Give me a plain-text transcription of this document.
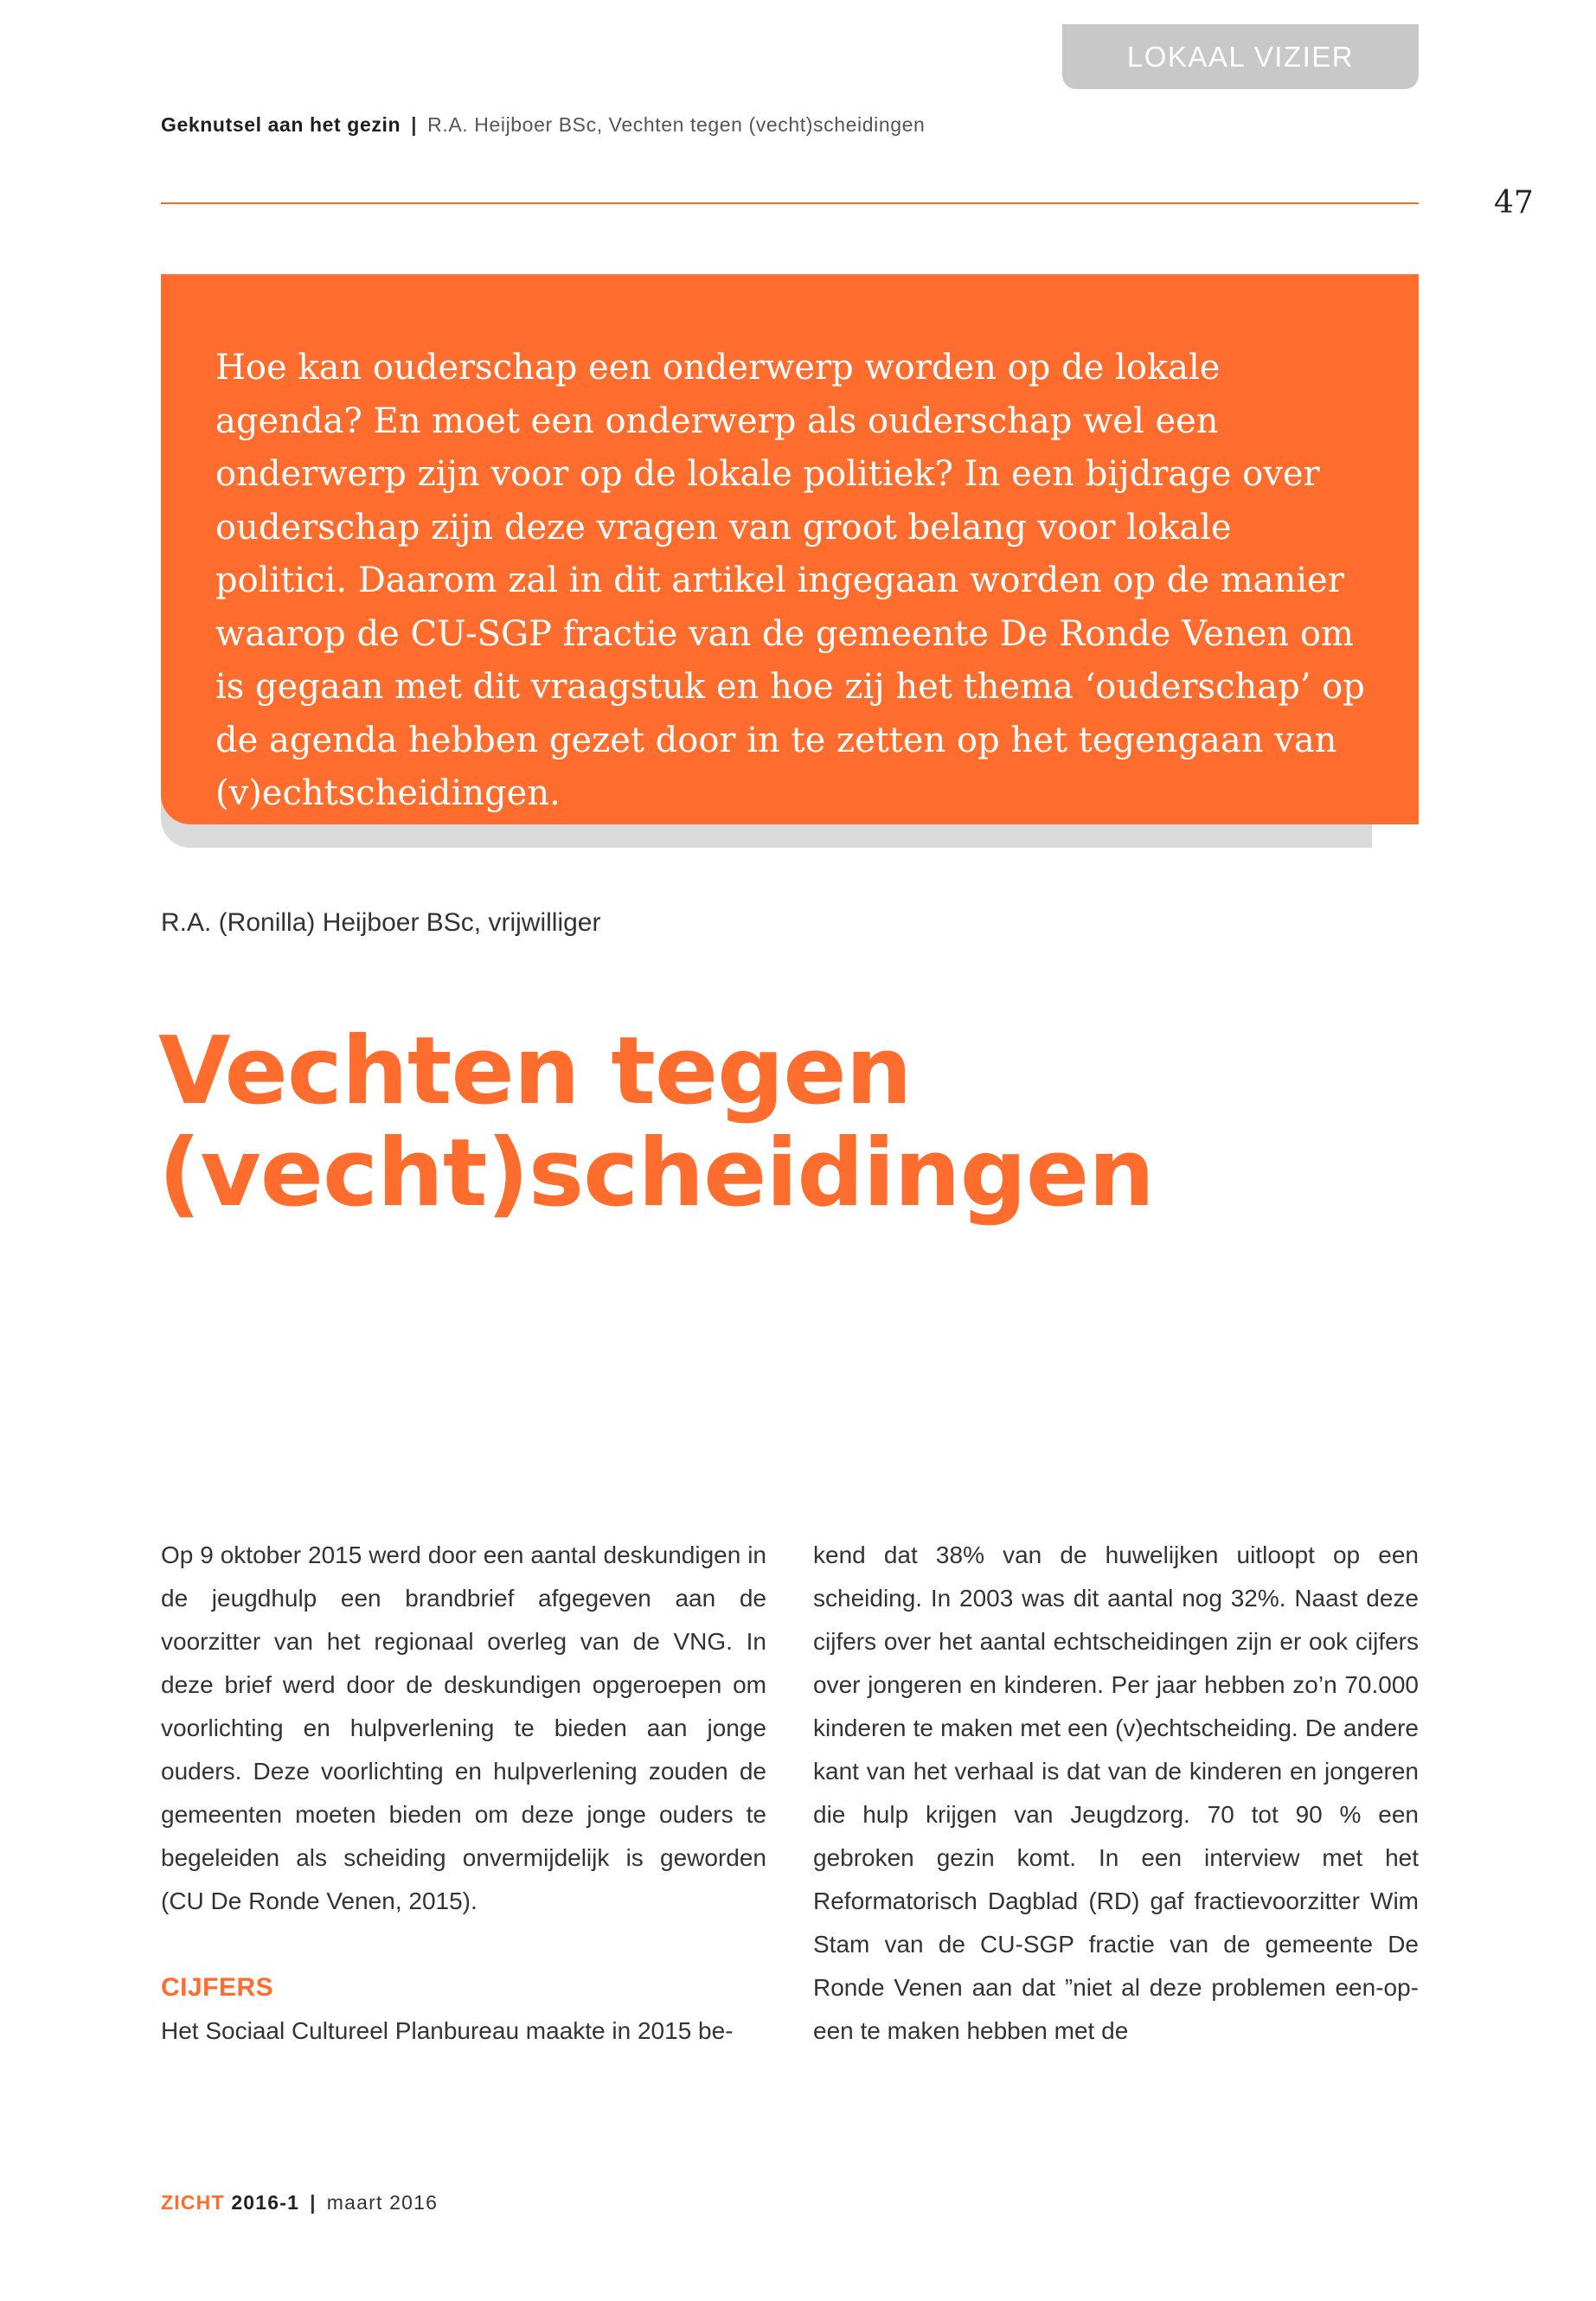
LOKAAL VIZIER
Geknutsel aan het gezin | R.A. Heijboer BSc, Vechten tegen (vecht)scheidingen
47
Hoe kan ouderschap een onderwerp worden op de lokale agenda? En moet een onderwerp als ouderschap wel een onderwerp zijn voor op de lokale politiek? In een bijdrage over ouderschap zijn deze vragen van groot belang voor lokale politici. Daarom zal in dit artikel ingegaan worden op de manier waarop de CU-SGP fractie van de gemeente De Ronde Venen om is gegaan met dit vraagstuk en hoe zij het thema ‘ouderschap’ op de agenda hebben gezet door in te zetten op het tegengaan van (v)echtscheidingen.
R.A. (Ronilla) Heijboer BSc, vrijwilliger
Vechten tegen
(vecht)scheidingen

Op 9 oktober 2015 werd door een aantal deskundigen in de jeugdhulp een brandbrief afgegeven aan de voorzitter van het regionaal overleg van de VNG. In deze brief werd door de deskundigen opgeroepen om voorlichting en hulpverlening te bieden aan jonge ouders. Deze voorlichting en hulpverlening zouden de gemeenten moeten bieden om deze jonge ouders te begeleiden als scheiding onvermijdelijk is geworden (CU De Ronde Venen, 2015).

CIJFERS

Het Sociaal Cultureel Planbureau maakte in 2015 be-

kend dat 38% van de huwelijken uitloopt op een scheiding. In 2003 was dit aantal nog 32%. Naast deze cijfers over het aantal echtscheidingen zijn er ook cijfers over jongeren en kinderen. Per jaar hebben zo’n 70.000 kinderen te maken met een (v)echtscheiding. De andere kant van het verhaal is dat van de kinderen en jongeren die hulp krijgen van Jeugdzorg. 70 tot 90 % een gebroken gezin komt. In een interview met het Reformatorisch Dagblad (RD) gaf fractievoorzitter Wim Stam van de CU-SGP fractie van de gemeente De Ronde Venen aan dat ”niet al deze problemen een-op-een te maken hebben met de

ZICHT 2016-1 | maart 2016
